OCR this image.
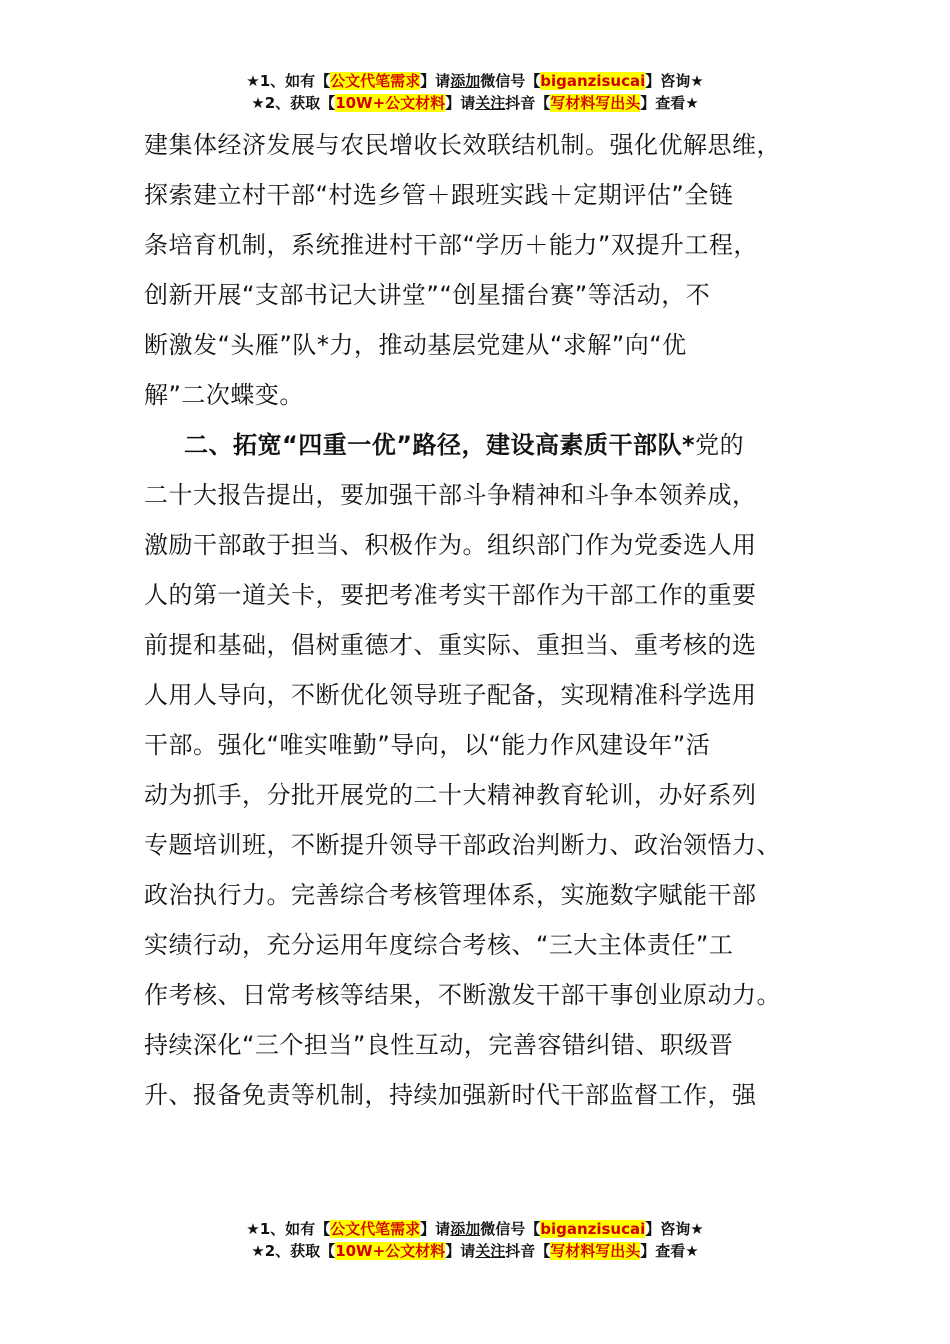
★1、如有【公文代笔需求】请添加微信号【biganzisucai】咨询★
★2、获取【10W+公文材料】请关注抖音【写材料写出头】查看★
建集体经济发展与农民增收长效联结机制。强化优解思维，
探索建立村干部“村选乡管＋跟班实践＋定期评估”全链
条培育机制，系统推进村干部“学历＋能力”双提升工程，
创新开展“支部书记大讲堂”“创星擂台赛”等活动，不
断激发“头雁”队*力，推动基层党建从“求解”向“优
解”二次蝶变。
二、拓宽“四重一优”路径，建设高素质干部队*党的
二十大报告提出，要加强干部斗争精神和斗争本领养成，
激励干部敢于担当、积极作为。组织部门作为党委选人用
人的第一道关卡，要把考准考实干部作为干部工作的重要
前提和基础，倡树重德才、重实际、重担当、重考核的选
人用人导向，不断优化领导班子配备，实现精准科学选用
干部。强化“唯实唯勤”导向，以“能力作风建设年”活
动为抓手，分批开展党的二十大精神教育轮训，办好系列
专题培训班，不断提升领导干部政治判断力、政治领悟力、
政治执行力。完善综合考核管理体系，实施数字赋能干部
实绩行动，充分运用年度综合考核、“三大主体责任”工
作考核、日常考核等结果，不断激发干部干事创业原动力。
持续深化“三个担当”良性互动，完善容错纠错、职级晋
升、报备免责等机制，持续加强新时代干部监督工作，强
★1、如有【公文代笔需求】请添加微信号【biganzisucai】咨询★
★2、获取【10W+公文材料】请关注抖音【写材料写出头】查看★
